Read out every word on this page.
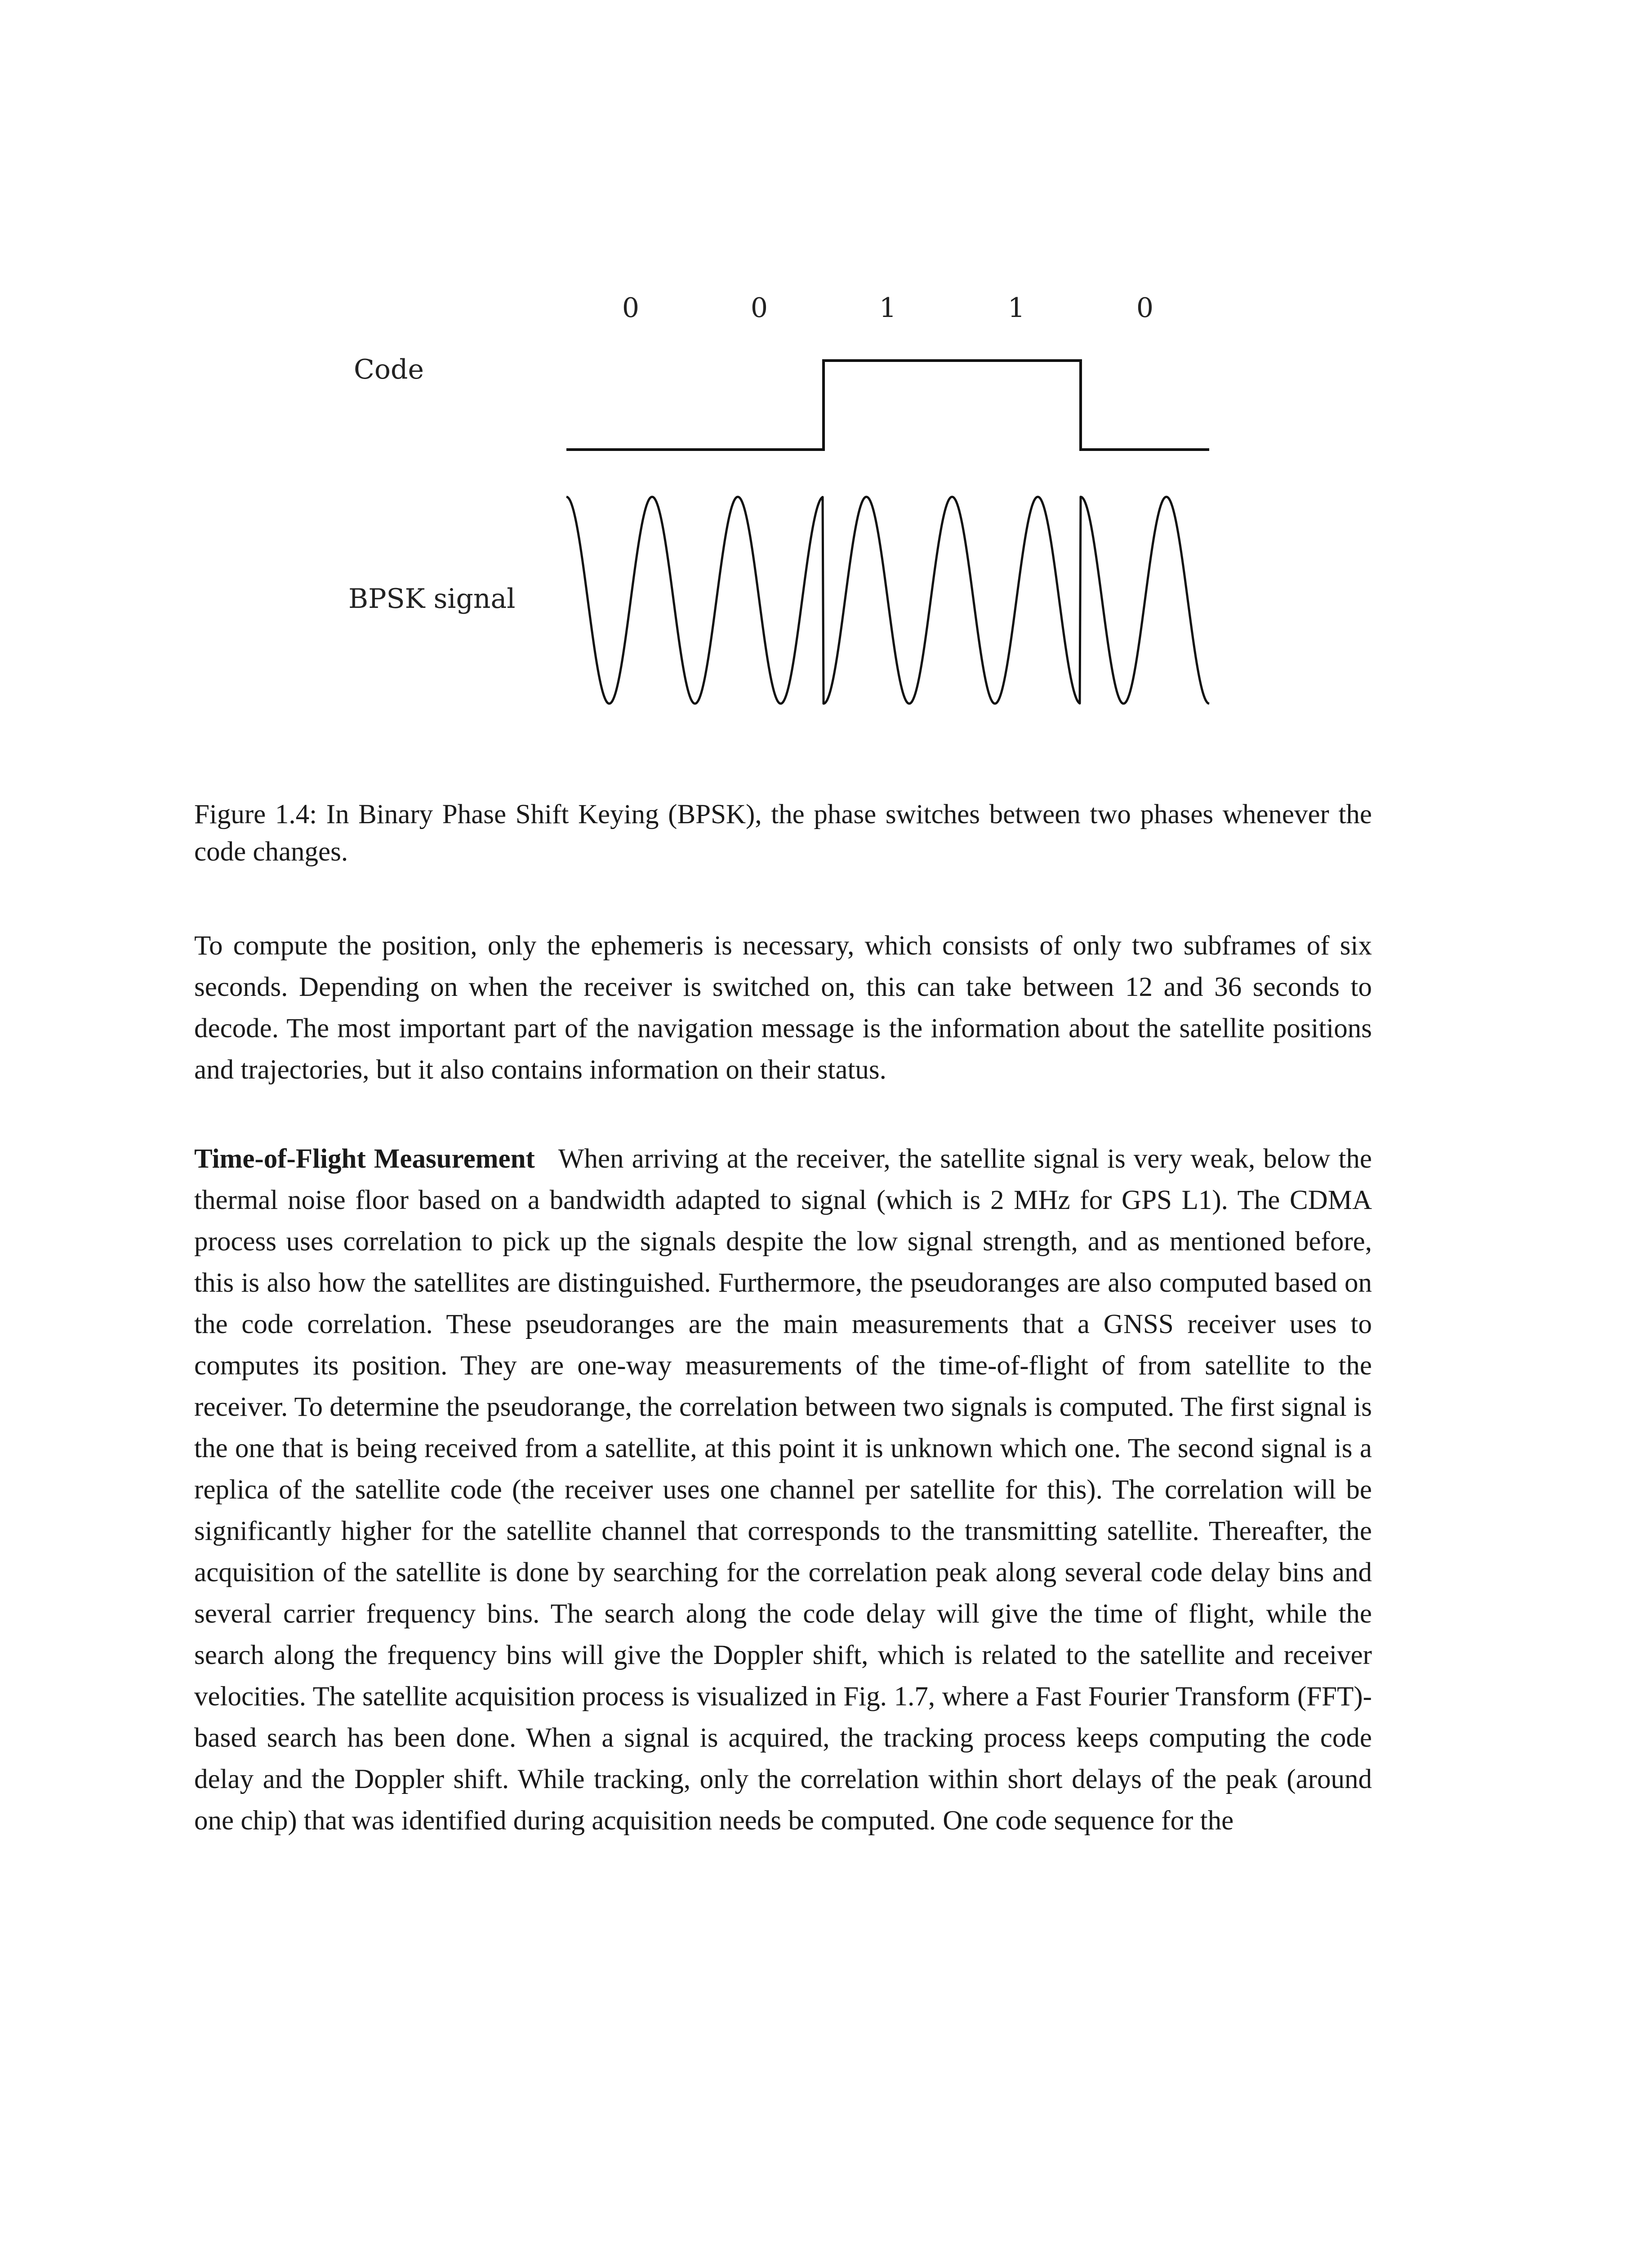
0	0	1	1	0
Code
BPSK signal

Figure 1.4: In Binary Phase Shift Keying (BPSK), the phase switches between two phases whenever the code changes.

To compute the position, only the ephemeris is necessary, which consists of only two subframes of six seconds. Depending on when the receiver is switched on, this can take between 12 and 36 seconds to decode. The most important part of the navigation message is the information about the satellite positions and trajectories, but it also contains information on their status.

Time-of-Flight Measurement When arriving at the receiver, the satellite signal is very weak, below the thermal noise floor based on a bandwidth adapted to signal (which is 2 MHz for GPS L1). The CDMA process uses correlation to pick up the signals despite the low signal strength, and as mentioned before, this is also how the satellites are distinguished. Furthermore, the pseudoranges are also computed based on the code correlation. These pseudoranges are the main measurements that a GNSS receiver uses to computes its position. They are one-way measurements of the time-of-flight of from satellite to the receiver. To determine the pseudorange, the correlation between two signals is computed. The first signal is the one that is being received from a satellite, at this point it is unknown which one. The second signal is a replica of the satellite code (the receiver uses one channel per satellite for this). The correlation will be significantly higher for the satellite channel that corresponds to the transmitting satellite. Thereafter, the acquisition of the satellite is done by searching for the correlation peak along several code delay bins and several carrier frequency bins. The search along the code delay will give the time of flight, while the search along the frequency bins will give the Doppler shift, which is related to the satellite and receiver velocities. The satellite acquisition process is visualized in Fig. 1.7, where a Fast Fourier Transform (FFT)-based search has been done. When a signal is acquired, the tracking process keeps computing the code delay and the Doppler shift. While tracking, only the correlation within short delays of the peak (around one chip) that was identified during acquisition needs be computed. One code sequence for the
